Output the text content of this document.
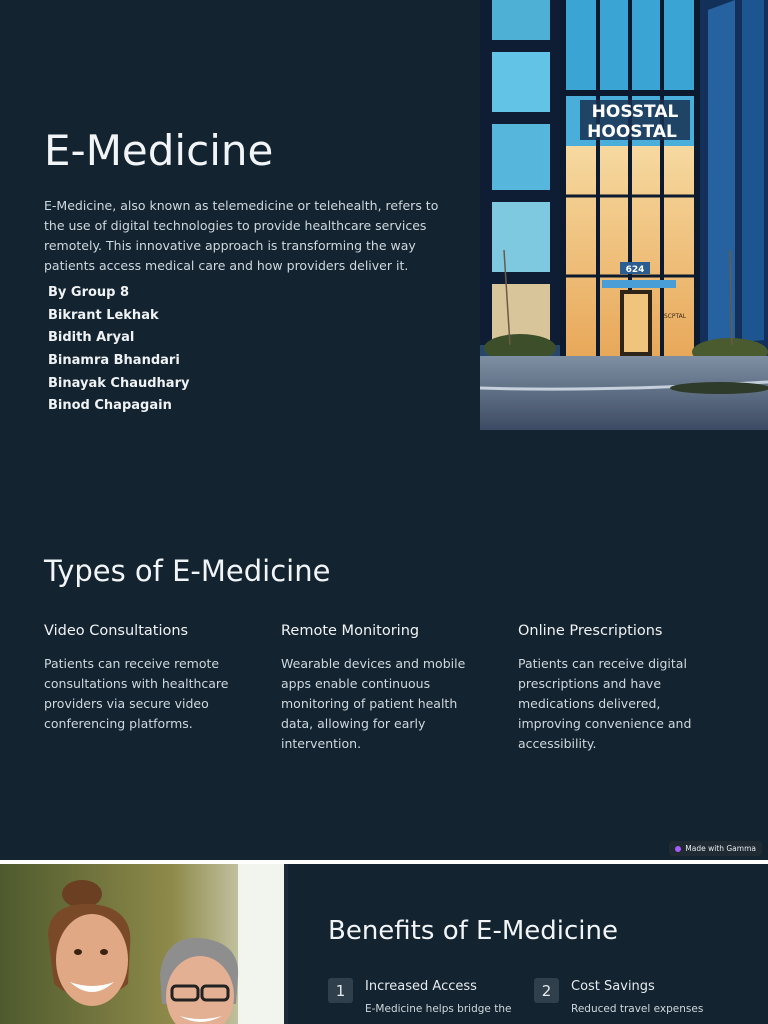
E-Medicine

E-Medicine, also known as telemedicine or telehealth, refers to the use of digital technologies to provide healthcare services remotely. This innovative approach is transforming the way patients access medical care and how providers deliver it.

By Group 8
Bikrant Lekhak
Bidith Aryal
Binamra Bhandari
Binayak Chaudhary
Binod Chapagain
HOSSTAL
HOOSTAL
624
SCPTAL
Types of E-Medicine
Video Consultations

Patients can receive remote consultations with healthcare providers via secure video conferencing platforms.

Remote Monitoring

Wearable devices and mobile apps enable continuous monitoring of patient health data, allowing for early intervention.

Online Prescriptions

Patients can receive digital prescriptions and have medications delivered, improving convenience and accessibility.

Made with Gamma
Benefits of E-Medicine
1	Increased Access

E-Medicine helps bridge the

2	Cost Savings

Reduced travel expenses
